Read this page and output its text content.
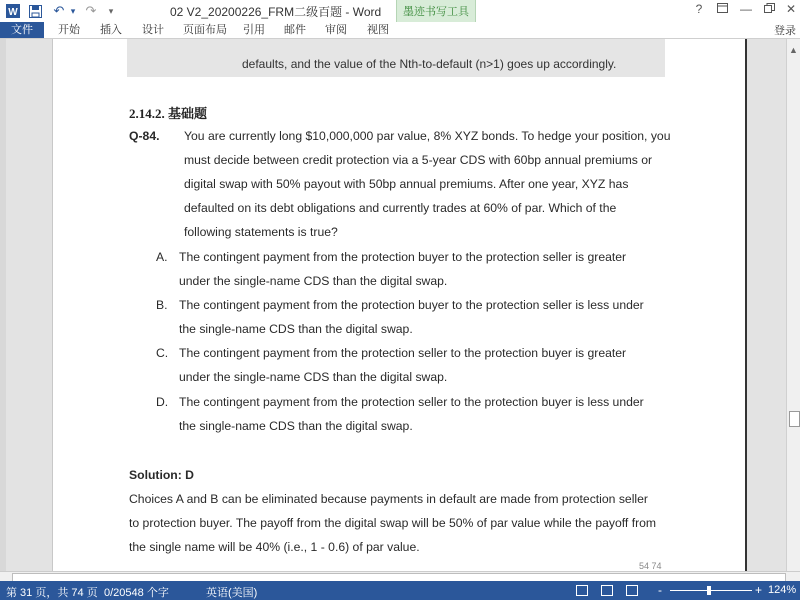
W	↶ ▾ ↷	▾	02 V2_20200226_FRM二级百题 - Word	?	—	✕
墨迹书写工具
文件	开始 插入 设计 页面布局 引用 邮件 审阅 视图	登录
defaults, and the value of the Nth-to-default (n>1) goes up accordingly.
2.14.2. 基础题
Q-84. You are currently long $10,000,000 par value, 8% XYZ bonds. To hedge your position, you
must decide between credit protection via a 5-year CDS with 60bp annual premiums or
digital swap with 50% payout with 50bp annual premiums. After one year, XYZ has
defaulted on its debt obligations and currently trades at 60% of par. Which of the
following statements is true?
A. The contingent payment from the protection buyer to the protection seller is greater
under the single-name CDS than the digital swap.
B. The contingent payment from the protection buyer to the protection seller is less under
the single-name CDS than the digital swap.
C. The contingent payment from the protection seller to the protection buyer is greater
under the single-name CDS than the digital swap.
D. The contingent payment from the protection seller to the protection buyer is less under
the single-name CDS than the digital swap.
Solution: D
Choices A and B can be eliminated because payments in default are made from protection seller
to protection buyer. The payoff from the digital swap will be 50% of par value while the payoff from
the single name will be 40% (i.e., 1 - 0.6) of par value.
54 74
▲
第 31 页，共 74 页 0/20548 个字	英语(美国)	-	+ 124%
